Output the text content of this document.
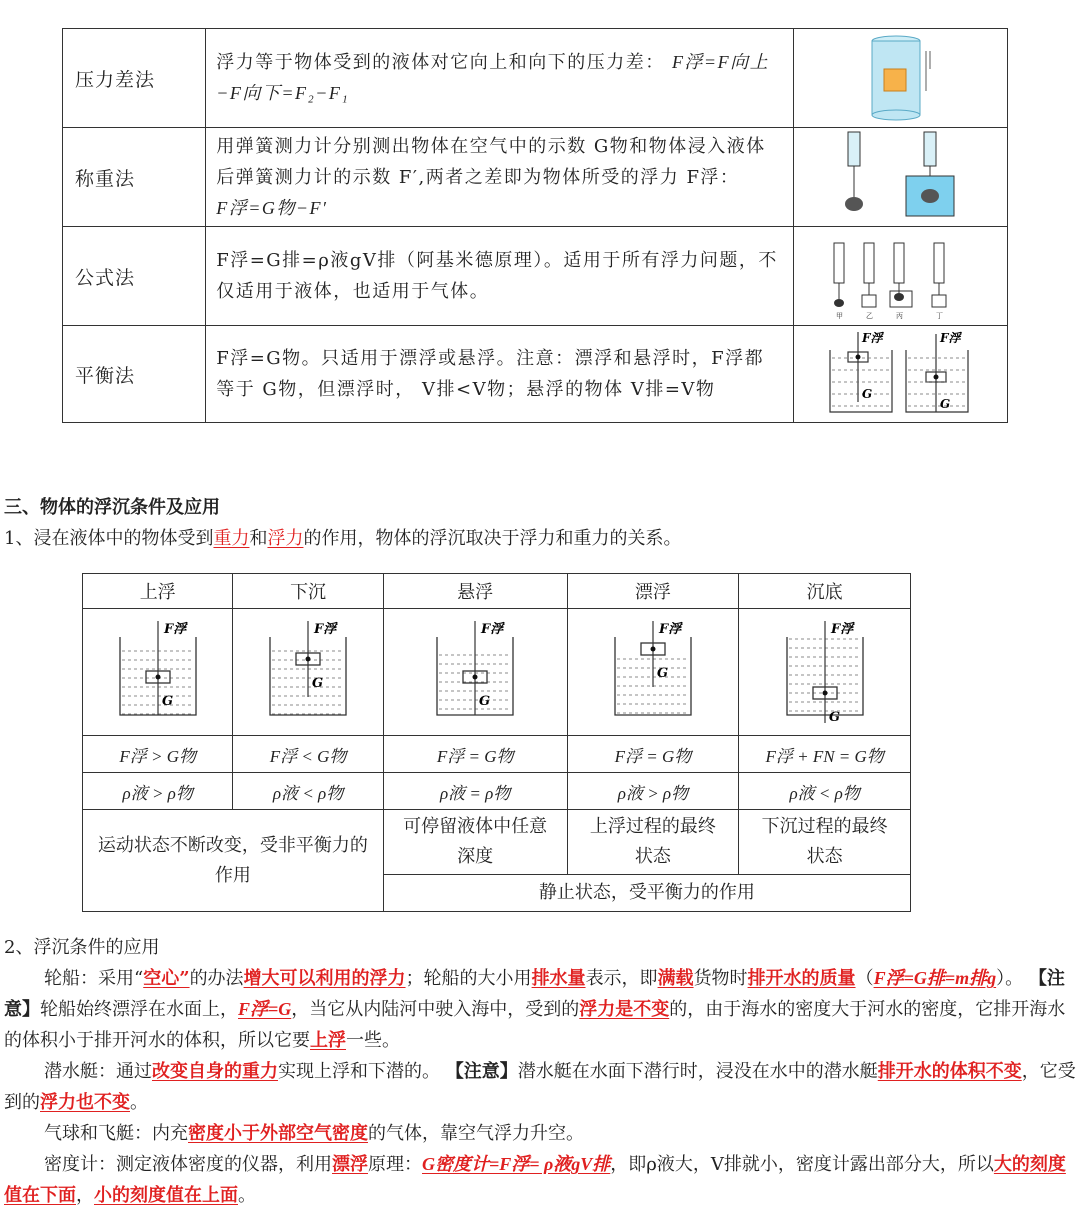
压力差法	浮力等于物体受到的液体对它向上和向下的压力差： F浮=F向上−F向下=F₂−F₁	
称重法	用弹簧测力计分别测出物体在空气中的示数 G物和物体浸入液体后弹簧测力计的示数 F′,两者之差即为物体所受的浮力 F浮：
F浮=G物−F′	
公式法	F浮=G排=ρ液gV排（阿基米德原理）。适用于所有浮力问题，不仅适用于液体，也适用于气体。	甲 乙 丙 丁

平衡法	F浮=G物。只适用于漂浮或悬浮。注意：漂浮和悬浮时，F浮都等于 G物，但漂浮时， V排<V物；悬浮的物体 V排=V物	F浮 F浮
G
G
三、物体的浮沉条件及应用
1、浸在液体中的物体受到重力和浮力的作用，物体的浮沉取决于浮力和重力的关系。
上浮	下沉	悬浮	漂浮	沉底

F浮
G	F浮
G	F浮
G	F浮
G	F浮
G

F浮 > G物	F浮 < G物	F浮 = G物	F浮 = G物	F浮 + FN = G物
ρ液 > ρ物	ρ液 < ρ物	ρ液 = ρ物	ρ液 > ρ物	ρ液 < ρ物
运动状态不断改变，受非平衡力的作用		可停留液体中任意深度	上浮过程的最终状态	下沉过程的最终状态
		静止状态，受平衡力的作用		

2、浮沉条件的应用

轮船：采用“空心”的办法增大可以利用的浮力；轮船的大小用排水量表示，即满载货物时排开水的质量（F浮=G排=m排g）。 【注意】轮船始终漂浮在水面上，F浮=G，当它从内陆河中驶入海中，受到的浮力是不变的，由于海水的密度大于河水的密度，它排开海水的体积小于排开河水的体积，所以它要上浮一些。

潜水艇：通过改变自身的重力实现上浮和下潜的。 【注意】潜水艇在水面下潜行时，浸没在水中的潜水艇排开水的体积不变，它受到的浮力也不变。

气球和飞艇：内充密度小于外部空气密度的气体，靠空气浮力升空。

密度计：测定液体密度的仪器，利用漂浮原理：G密度计=F浮= ρ液gV排，即ρ液大，V排就小，密度计露出部分大，所以大的刻度值在下面，小的刻度值在上面。
